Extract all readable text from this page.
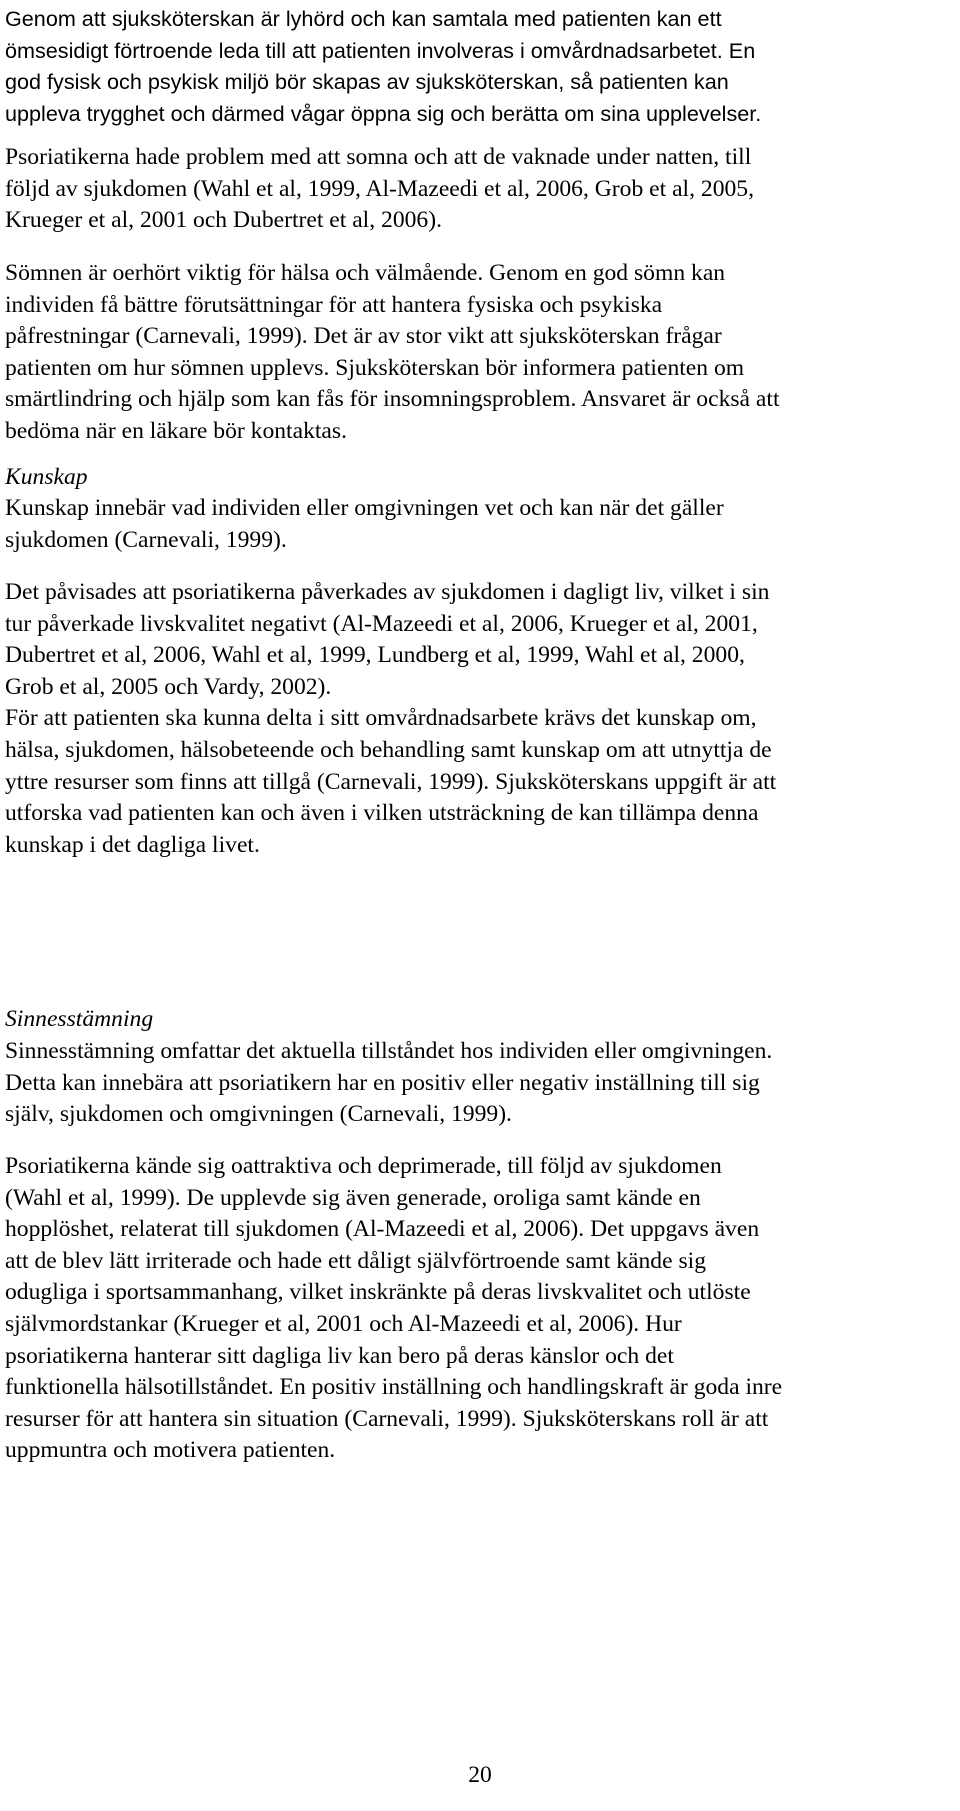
Genom att sjuksköterskan är lyhörd och kan samtala med patienten kan ett
ömsesidigt förtroende leda till att patienten involveras i omvårdnadsarbetet. En
god fysisk och psykisk miljö bör skapas av sjuksköterskan, så patienten kan
uppleva trygghet och därmed vågar öppna sig och berätta om sina upplevelser.
Psoriatikerna hade problem med att somna och att de vaknade under natten, till
följd av sjukdomen (Wahl et al, 1999, Al-Mazeedi et al, 2006, Grob et al, 2005,
Krueger et al, 2001 och Dubertret et al, 2006).
Sömnen är oerhört viktig för hälsa och välmående. Genom en god sömn kan
individen få bättre förutsättningar för att hantera fysiska och psykiska
påfrestningar (Carnevali, 1999). Det är av stor vikt att sjuksköterskan frågar
patienten om hur sömnen upplevs. Sjuksköterskan bör informera patienten om
smärtlindring och hjälp som kan fås för insomningsproblem. Ansvaret är också att
bedöma när en läkare bör kontaktas.
Kunskap
Kunskap innebär vad individen eller omgivningen vet och kan när det gäller
sjukdomen (Carnevali, 1999).
Det påvisades att psoriatikerna påverkades av sjukdomen i dagligt liv, vilket i sin
tur påverkade livskvalitet negativt (Al-Mazeedi et al, 2006, Krueger et al, 2001,
Dubertret et al, 2006, Wahl et al, 1999, Lundberg et al, 1999, Wahl et al, 2000,
Grob et al, 2005 och Vardy, 2002).
För att patienten ska kunna delta i sitt omvårdnadsarbete krävs det kunskap om,
hälsa, sjukdomen, hälsobeteende och behandling samt kunskap om att utnyttja de
yttre resurser som finns att tillgå (Carnevali, 1999). Sjuksköterskans uppgift är att
utforska vad patienten kan och även i vilken utsträckning de kan tillämpa denna
kunskap i det dagliga livet.
Sinnesstämning
Sinnesstämning omfattar det aktuella tillståndet hos individen eller omgivningen.
Detta kan innebära att psoriatikern har en positiv eller negativ inställning till sig
själv, sjukdomen och omgivningen (Carnevali, 1999).
Psoriatikerna kände sig oattraktiva och deprimerade, till följd av sjukdomen
(Wahl et al, 1999). De upplevde sig även generade, oroliga samt kände en
hopplöshet, relaterat till sjukdomen (Al-Mazeedi et al, 2006). Det uppgavs även
att de blev lätt irriterade och hade ett dåligt självförtroende samt kände sig
odugliga i sportsammanhang, vilket inskränkte på deras livskvalitet och utlöste
självmordstankar (Krueger et al, 2001 och Al-Mazeedi et al, 2006). Hur
psoriatikerna hanterar sitt dagliga liv kan bero på deras känslor och det
funktionella hälsotillståndet. En positiv inställning och handlingskraft är goda inre
resurser för att hantera sin situation (Carnevali, 1999). Sjuksköterskans roll är att
uppmuntra och motivera patienten.

20
